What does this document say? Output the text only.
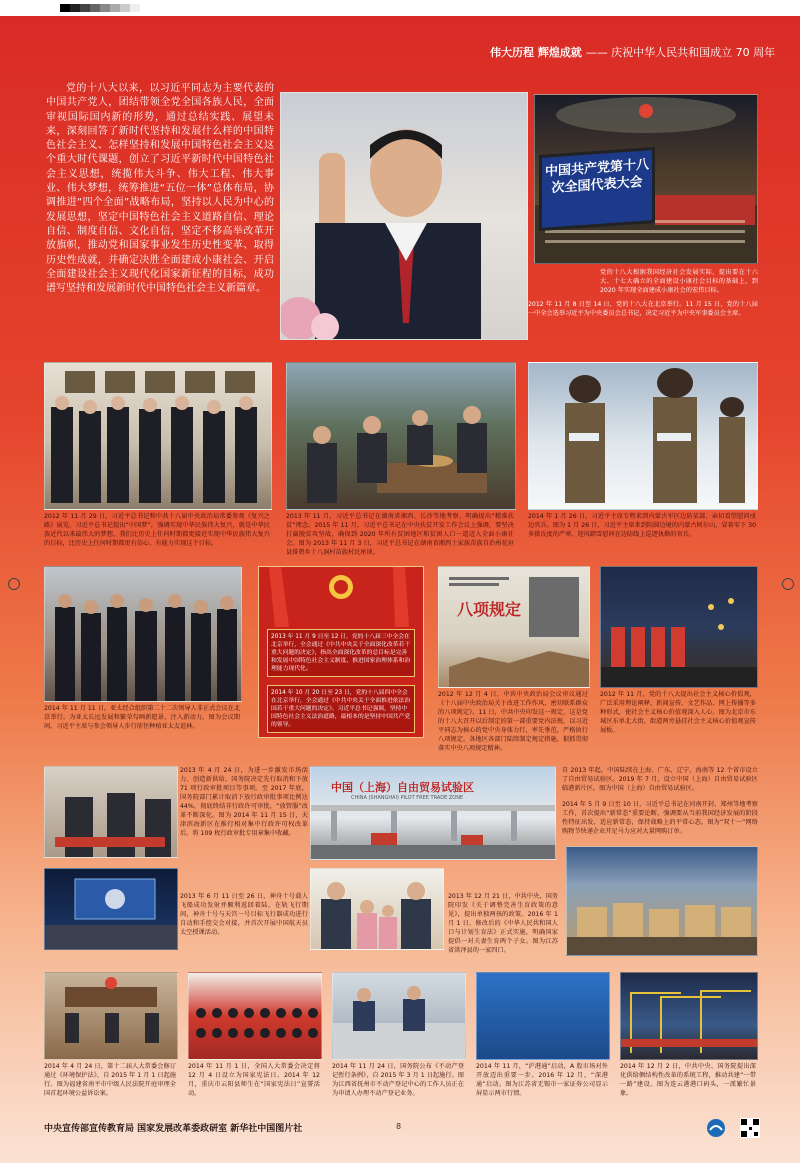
伟大历程 辉煌成就 —— 庆祝中华人民共和国成立 70 周年
党的十八大以来，以习近平同志为主要代表的中国共产党人，团结带领全党全国各族人民，全面审视国际国内新的形势，通过总结实践、展望未来，深刻回答了新时代坚持和发展什么样的中国特色社会主义、怎样坚持和发展中国特色社会主义这个重大时代课题，创立了习近平新时代中国特色社会主义思想，统揽伟大斗争、伟大工程、伟大事业、伟大梦想，统筹推进“五位一体”总体布局，协调推进“四个全面”战略布局，坚持以人民为中心的发展思想，坚定中国特色社会主义道路自信、理论自信、制度自信、文化自信，坚定不移高举改革开放旗帜，推动党和国家事业发生历史性变革、取得历史性成就，并确定决胜全面建成小康社会、开启全面建设社会主义现代化国家新征程的目标，成功谱写坚持和发展新时代中国特色社会主义新篇章。
中国共产党第十八次全国代表大会
党的十八大根据我国经济社会发展实际，提出要在十六大、十七大确立的全面建设小康社会目标的基础上，到 2020 年实现全面建成小康社会的宏伟目标。
2012 年 11 月 8 日至 14 日，党的十八大在北京举行。11 月 15 日，党的十八届一中全会选举习近平为中央委员会总书记，决定习近平为中央军事委员会主席。
2012 年 11 月 29 日，习近平总书记和中共十八届中央政治局常委参观《复兴之路》展览。习近平总书记提出“中国梦”，强调实现中华民族伟大复兴，就是中华民族近代以来最伟大的梦想。我们比历史上任何时期都更接近实现中华民族伟大复兴的目标，比历史上任何时期都更有信心、有能力实现这个目标。
2013 年 11 月，习近平总书记在湖南省湘西、长沙等地考察，明确提出“精准扶贫”理念。2015 年 11 月，习近平总书记在中央扶贫开发工作会议上强调，要坚决打赢脱贫攻坚战，确保到 2020 年所有贫困地区和贫困人口一道迈入全面小康社会。图为 2013 年 11 月 3 日，习近平总书记在湖南省湘西土家族苗族自治州花垣县排碧乡十八洞村苗族村民座谈。
2014 年 1 月 26 日，习近平主席专程来到内蒙古军区边防某部，亲切看望慰问戍边官兵。图为 1 月 26 日，习近平主席来到阻圆边境的内蒙古阿尔山，冒着零下 30 多摄氏度的严寒，迎风踏雪慰问在边防线上巡逻执勤的官兵。
2014 年 11 月 11 日，亚太经合组织第二十二次领导人非正式会议在北京举行。为亚太长远发展和繁荣勾画新愿景，注入新动力。图为会议期间，习近平主席与参会领导人步行前往种植亚太友谊林。
2013 年 11 月 9 日至 12 日，党的十八届三中全会在北京举行，全会通过《中共中央关于全面深化改革若干重大问题的决定》，指出全面深化改革的总目标是完善和发展中国特色社会主义制度、推进国家治理体系和治理能力现代化。
2014 年 10 月 20 日至 23 日，党的十八届四中全会在北京举行，全会通过《中共中央关于全面推进依法治国若干重大问题的决定》。习近平总书记强调，坚持中国特色社会主义法治道路，最根本的是坚持中国共产党的领导。
八项规定
2012 年 12 月 4 日，中共中央政治局会议审议通过《十八届中央政治局关于改进工作作风、密切联系群众的八项规定》。11 日，中共中央印发这一规定，这是党的十八大召开以后制定的第一部重要党内法规，以习近平同志为核心的党中央身体力行，率先垂范，严格执行八项规定，各地区各部门陆续制定规定措施，狠抓贯彻落实中央八项规定精神。
2012 年 11 月，党的十八大提出社会主义核心价值观，广泛采用理论阐释、新闻宣传、文艺作品、网上传播等多种形式，使社会主义核心价值观深入人心。图为北京市东城区东单北大街，街道两旁悬挂社会主义核心价值观宣传展板。
2013 年 4 月 24 日，为进一步激发市场活力、创造新供给，国务院决定先行取消和下放 71 项行政审批项目等事项。至 2017 年底，国务院部门累计取消下放行政审批事项比例达 44%，彻底终结非行政许可审批，“放管服”改革不断深化。图为 2014 年 11 月 15 日，天津滨海新区在推行相对集中行政许可权改革后，将 109 枚行政审批专用章集中收藏。
中国（上海）自由贸易试验区
CHINA (SHANGHAI) PILOT FREE TRADE ZONE
自 2013 年起，中国陆续在上海、广东、辽宁、海南等 12 个省市设立了自由贸易试验区。2019 年 7 月，设立中国（上海）自由贸易试验区临港新片区。图为中国（上海）自由贸易试验区。
2014 年 5 月 9 日至 10 日，习近平总书记在河南开封、郑州等地考察工作，首次提出“新常态”重要论断。强调要从当前我国经济发展的阶段性特征出发，适应新常态，保持战略上的平常心态。图为“双十一”网络购物节快递企业开足马力应对大量网购订单。
2013 年 6 月 11 日至 26 日，神舟十号载人飞船成功发射并顺利返回着陆，在轨飞行期间，神舟十号与天宫一号目标飞行器成功进行自动和手控交会对接，并首次开展中国航天员太空授课活动。
2013 年 12 月 21 日，中共中央、国务院印发《关于调整完善生育政策的意见》，提出单独两孩的政策。2016 年 1 月 1 日，修改后的《中华人民共和国人口与计划生育法》正式实施，明确国家提倡一对夫妻生育两个子女。图为江苏省洪泽县的一家四口。
2014 年 4 月 24 日，第十二届人大常委会修订通过《环境保护法》，自 2015 年 1 月 1 日起施行。图为福建省南平市中级人民法院开庭审理全国首起环境公益诉讼案。
2014 年 11 月 1 日，全国人大常委会决定将 12 月 4 日设立为国家宪法日。2014 年 12 月，重庆市云阳县师生在“国家宪法日”宣誓活动。
2014 年 11 月 24 日，国务院公布《不动产登记暂行条例》，自 2015 年 3 月 1 日起施行。图为江西省抚州市不动产登记中心的工作人员正在为申请人办理不动产登记业务。
2014 年 11 月，“沪港通”启动，A 股市场对外开放迈出重要一步。2016 年 12 月，“深港通”启动。图为江苏省无锡市一家证券公司显示屏显示两市行情。
2014 年 12 月 2 日，中共中央、国务院提出深化供给侧结构性改革的系统工程，推动共建“一带一路”建设。图为连云港港口码头，一派繁忙景象。
中央宣传部宣传教育局 国家发展改革委政研室 新华社中国图片社	8
